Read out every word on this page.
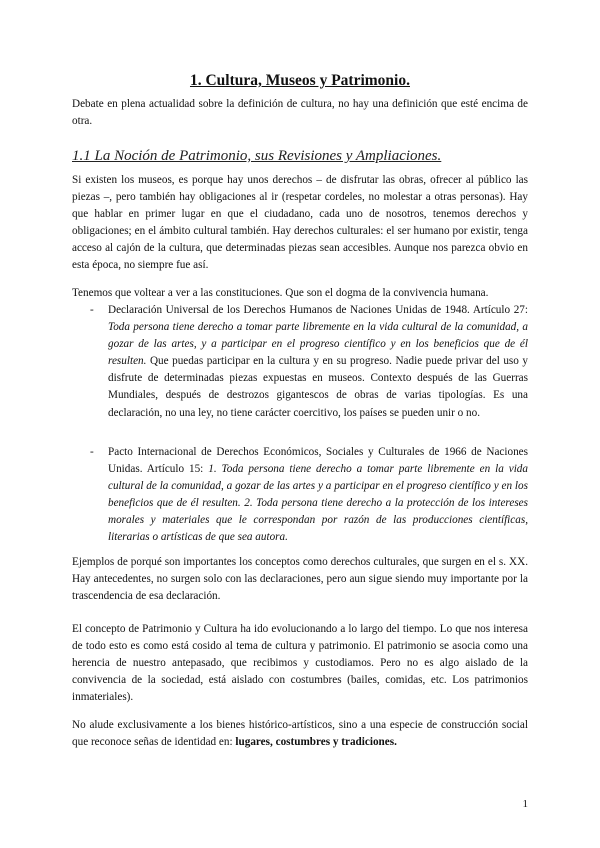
1. Cultura, Museos y Patrimonio.

Debate en plena actualidad sobre la definición de cultura, no hay una definición que esté encima de otra.

1.1 La Noción de Patrimonio, sus Revisiones y Ampliaciones.

Si existen los museos, es porque hay unos derechos – de disfrutar las obras, ofrecer al público las piezas –, pero también hay obligaciones al ir (respetar cordeles, no molestar a otras personas). Hay que hablar en primer lugar en que el ciudadano, cada uno de nosotros, tenemos derechos y obligaciones; en el ámbito cultural también. Hay derechos culturales: el ser humano por existir, tenga acceso al cajón de la cultura, que determinadas piezas sean accesibles. Aunque nos parezca obvio en esta época, no siempre fue así.

Tenemos que voltear a ver a las constituciones. Que son el dogma de la convivencia humana.

- Declaración Universal de los Derechos Humanos de Naciones Unidas de 1948. Artículo 27: Toda persona tiene derecho a tomar parte libremente en la vida cultural de la comunidad, a gozar de las artes, y a participar en el progreso científico y en los beneficios que de él resulten. Que puedas participar en la cultura y en su progreso. Nadie puede privar del uso y disfrute de determinadas piezas expuestas en museos. Contexto después de las Guerras Mundiales, después de destrozos gigantescos de obras de varias tipologías. Es una declaración, no una ley, no tiene carácter coercitivo, los países se pueden unir o no.

- Pacto Internacional de Derechos Económicos, Sociales y Culturales de 1966 de Naciones Unidas. Artículo 15: 1. Toda persona tiene derecho a tomar parte libremente en la vida cultural de la comunidad, a gozar de las artes y a participar en el progreso científico y en los beneficios que de él resulten. 2. Toda persona tiene derecho a la protección de los intereses morales y materiales que le correspondan por razón de las producciones científicas, literarias o artísticas de que sea autora.

Ejemplos de porqué son importantes los conceptos como derechos culturales, que surgen en el s. XX. Hay antecedentes, no surgen solo con las declaraciones, pero aun sigue siendo muy importante por la trascendencia de esa declaración.

El concepto de Patrimonio y Cultura ha ido evolucionando a lo largo del tiempo. Lo que nos interesa de todo esto es como está cosido al tema de cultura y patrimonio. El patrimonio se asocia como una herencia de nuestro antepasado, que recibimos y custodiamos. Pero no es algo aislado de la convivencia de la sociedad, está aislado con costumbres (bailes, comidas, etc. Los patrimonios inmateriales).

No alude exclusivamente a los bienes histórico-artísticos, sino a una especie de construcción social que reconoce señas de identidad en: lugares, costumbres y tradiciones.

1
